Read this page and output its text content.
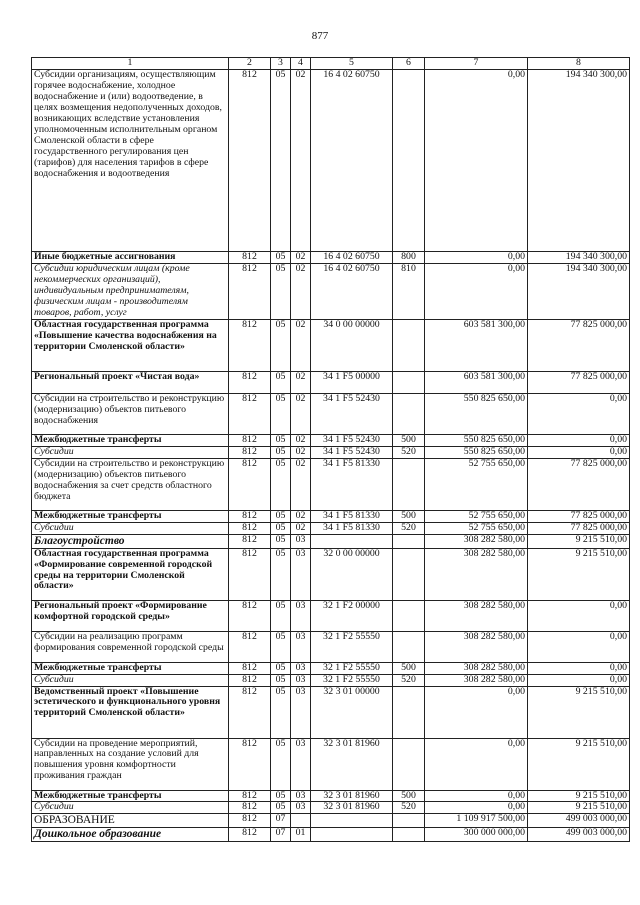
877
1	2	3	4	5	6	7	8
Субсидии организациям, осуществляющим горячее водоснабжение, холодное водоснабжение и (или) водоотведение, в целях возмещения недополученных доходов, возникающих вследствие установления уполномоченным исполнительным органом Смоленской области в сфере государственного регулирования цен (тарифов) для населения тарифов в сфере водоснабжения и водоотведения	812	05	02	16 4 02 60750		0,00	194 340 300,00
Иные бюджетные ассигнования	812	05	02	16 4 02 60750	800	0,00	194 340 300,00
Субсидии юридическим лицам (кроме некоммерческих организаций), индивидуальным предпринимателям, физическим лицам - производителям товаров, работ, услуг	812	05	02	16 4 02 60750	810	0,00	194 340 300,00
Областная государственная программа «Повышение качества водоснабжения на территории Смоленской области»	812	05	02	34 0 00 00000		603 581 300,00	77 825 000,00
Региональный проект «Чистая вода»	812	05	02	34 1 F5 00000		603 581 300,00	77 825 000,00
Субсидии на строительство и реконструкцию (модернизацию) объектов питьевого водоснабжения	812	05	02	34 1 F5 52430		550 825 650,00	0,00
Межбюджетные трансферты	812	05	02	34 1 F5 52430	500	550 825 650,00	0,00
Субсидии	812	05	02	34 1 F5 52430	520	550 825 650,00	0,00
Субсидии на строительство и реконструкцию (модернизацию) объектов питьевого водоснабжения за счет средств областного бюджета	812	05	02	34 1 F5 81330		52 755 650,00	77 825 000,00
Межбюджетные трансферты	812	05	02	34 1 F5 81330	500	52 755 650,00	77 825 000,00
Субсидии	812	05	02	34 1 F5 81330	520	52 755 650,00	77 825 000,00
Благоустройство	812	05	03			308 282 580,00	9 215 510,00
Областная государственная программа «Формирование современной городской среды на территории Смоленской области»	812	05	03	32 0 00 00000		308 282 580,00	9 215 510,00
Региональный проект «Формирование комфортной городской среды»	812	05	03	32 1 F2 00000		308 282 580,00	0,00
Субсидии на реализацию программ формирования современной городской среды	812	05	03	32 1 F2 55550		308 282 580,00	0,00
Межбюджетные трансферты	812	05	03	32 1 F2 55550	500	308 282 580,00	0,00
Субсидии	812	05	03	32 1 F2 55550	520	308 282 580,00	0,00
Ведомственный проект «Повышение эстетического и функционального уровня территорий Смоленской области»	812	05	03	32 3 01 00000		0,00	9 215 510,00
Субсидии на проведение мероприятий, направленных на создание условий для повышения уровня комфортности проживания граждан	812	05	03	32 3 01 81960		0,00	9 215 510,00
Межбюджетные трансферты	812	05	03	32 3 01 81960	500	0,00	9 215 510,00
Субсидии	812	05	03	32 3 01 81960	520	0,00	9 215 510,00
ОБРАЗОВАНИЕ	812	07				1 109 917 500,00	499 003 000,00
Дошкольное образование	812	07	01			300 000 000,00	499 003 000,00
